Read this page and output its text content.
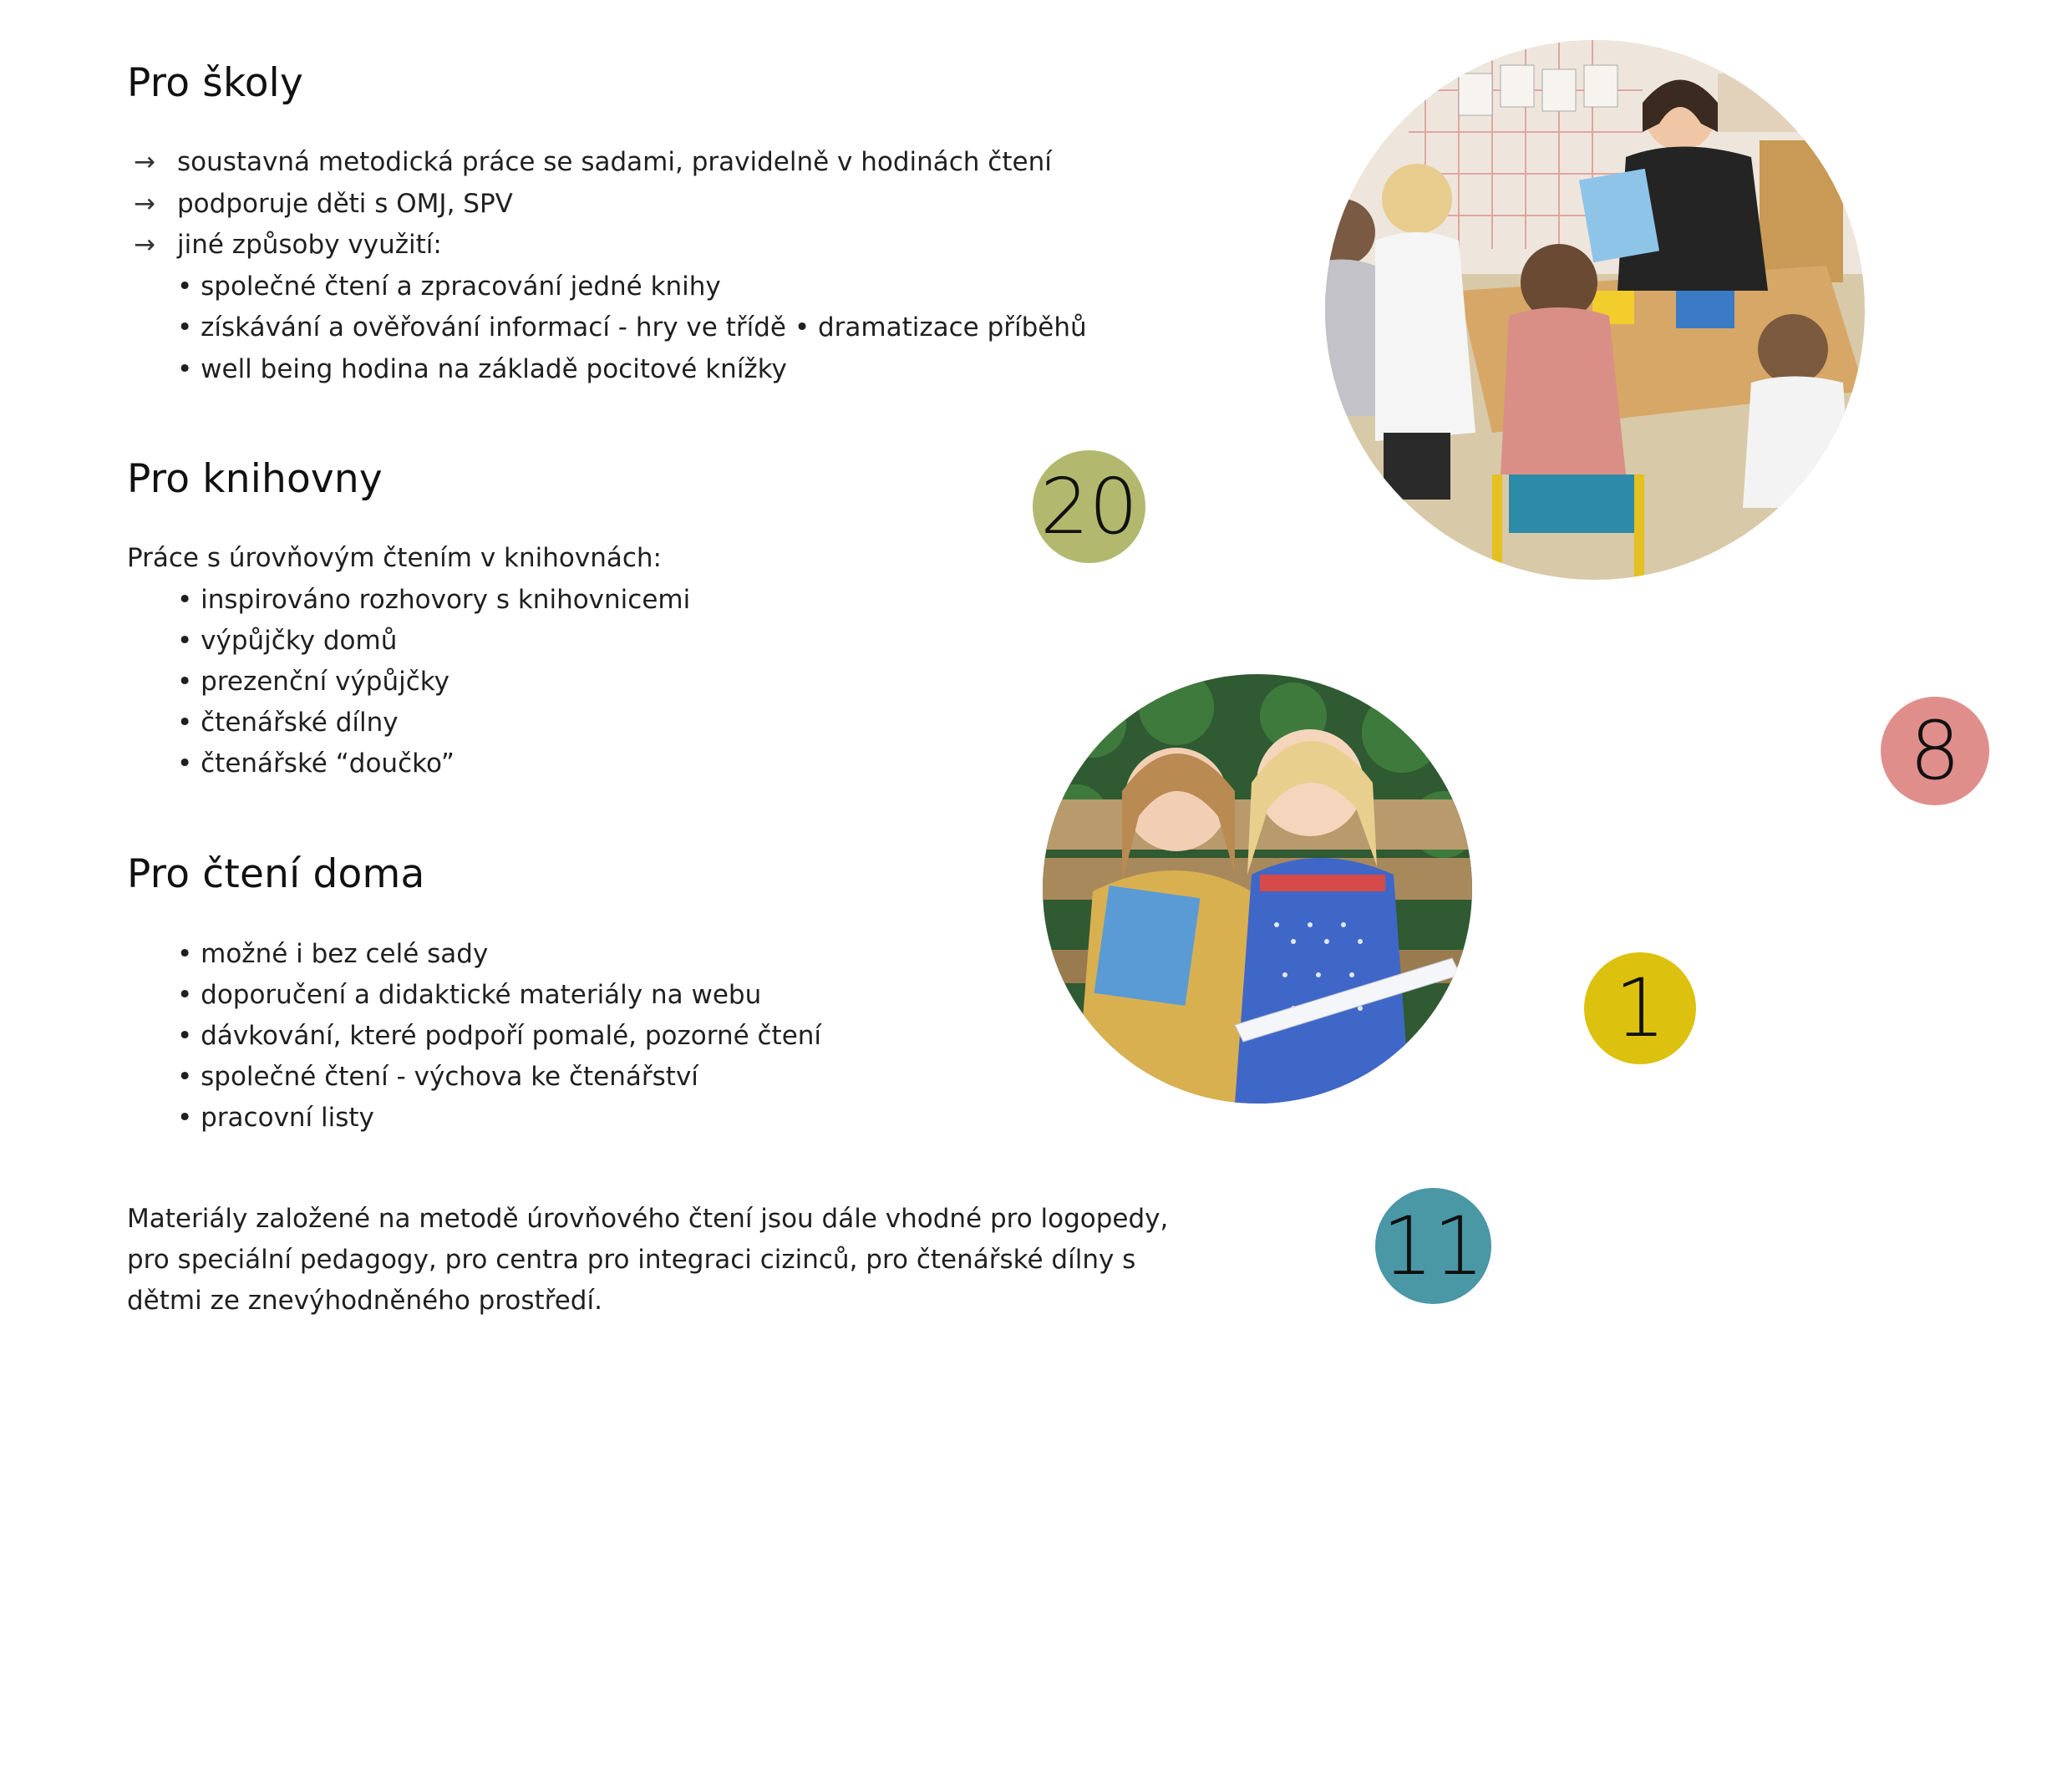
Pro školy
→ soustavná metodická práce se sadami, pravidelně v hodinách čtení
→ podporuje děti s OMJ, SPV
→ jiné způsoby využití:
• společné čtení a zpracování jedné knihy
• získávání a ověřování informací - hry ve třídě • dramatizace příběhů
• well being hodina na základě pocitové knížky
Pro knihovny
Práce s úrovňovým čtením v knihovnách:
• inspirováno rozhovory s knihovnicemi
• výpůjčky domů
• prezenční výpůjčky
• čtenářské dílny
• čtenářské “doučko”
Pro čtení doma
• možné i bez celé sady
• doporučení a didaktické materiály na webu
• dávkování, které podpoří pomalé, pozorné čtení
• společné čtení - výchova ke čtenářství
• pracovní listy

Materiály založené na metodě úrovňového čtení jsou dále vhodné pro logopedy, pro speciální pedagogy, pro centra pro integraci cizinců, pro čtenářské dílny s dětmi ze znevýhodněného prostředí.

20
8
1
11
